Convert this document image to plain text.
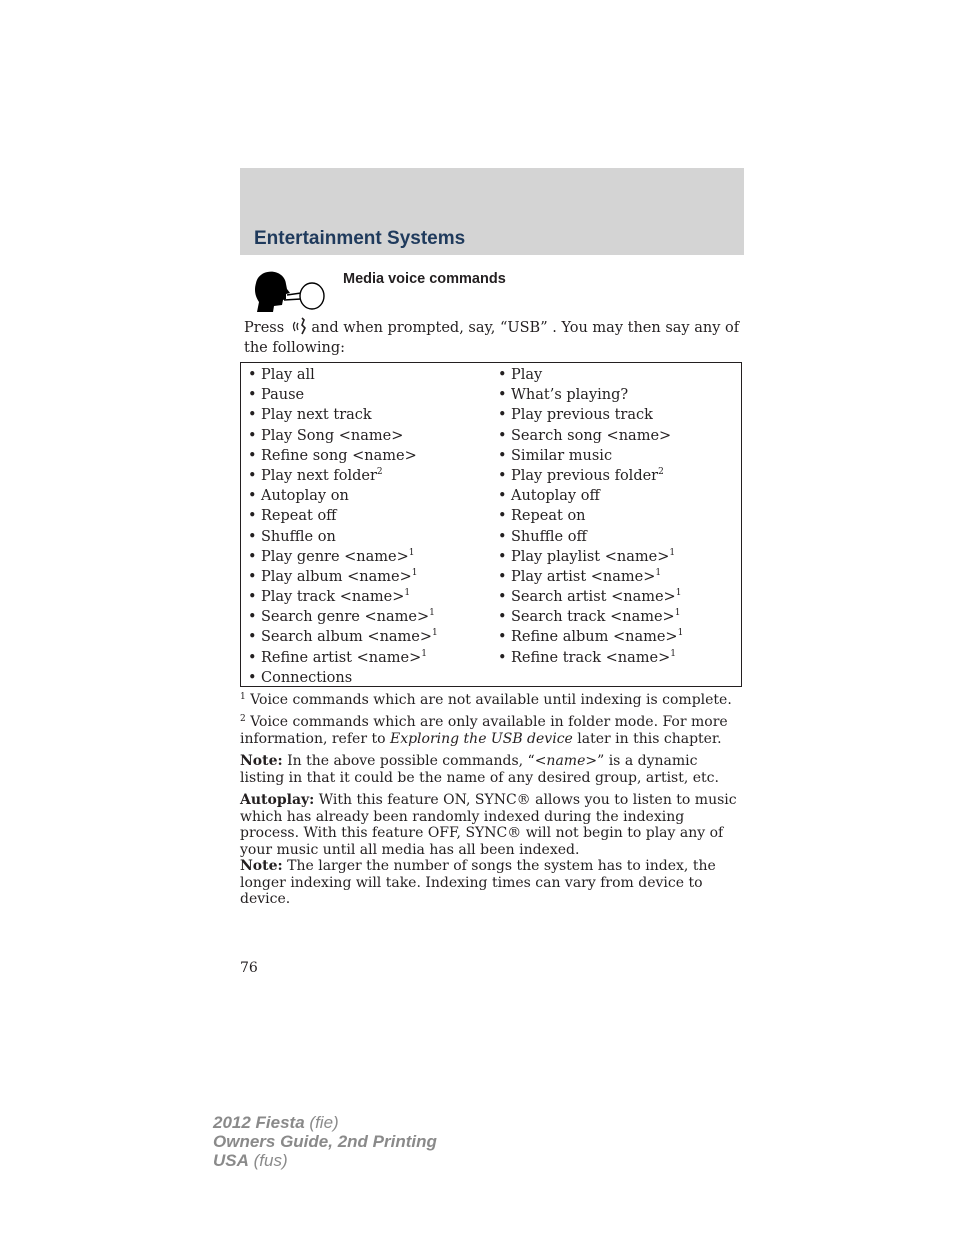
Entertainment Systems
Media voice commands
Press and when prompted, say, “USB” . You may then say any of the following:
• Play all
• Pause
• Play next track
• Play Song <name>
• Refine song <name>
• Play next folder$^2$
• Autoplay on
• Repeat off
• Shuffle on
• Play genre <name>$^1$
• Play album <name>$^1$
• Play track <name>$^1$
• Search genre <name>$^1$
• Search album <name>$^1$
• Refine artist <name>$^1$
• Connections
• Play
• What’s playing?
• Play previous track
• Search song <name>
• Similar music
• Play previous folder$^2$
• Autoplay off
• Repeat on
• Shuffle off
• Play playlist <name>$^1$
• Play artist <name>$^1$
• Search artist <name>$^1$
• Search track <name>$^1$
• Refine album <name>$^1$
• Refine track <name>$^1$
$^1$ Voice commands which are not available until indexing is complete.
$^2$ Voice commands which are only available in folder mode. For more information, refer to Exploring the USB device later in this chapter.
Note: In the above possible commands, “<name>” is a dynamic listing in that it could be the name of any desired group, artist, etc.
Autoplay: With this feature ON, SYNC® allows you to listen to music which has already been randomly indexed during the indexing process. With this feature OFF, SYNC® will not begin to play any of your music until all media has all been indexed.
Note: The larger the number of songs the system has to index, the longer indexing will take. Indexing times can vary from device to device.
76
2012 Fiesta (fie)
Owners Guide, 2nd Printing
USA (fus)
